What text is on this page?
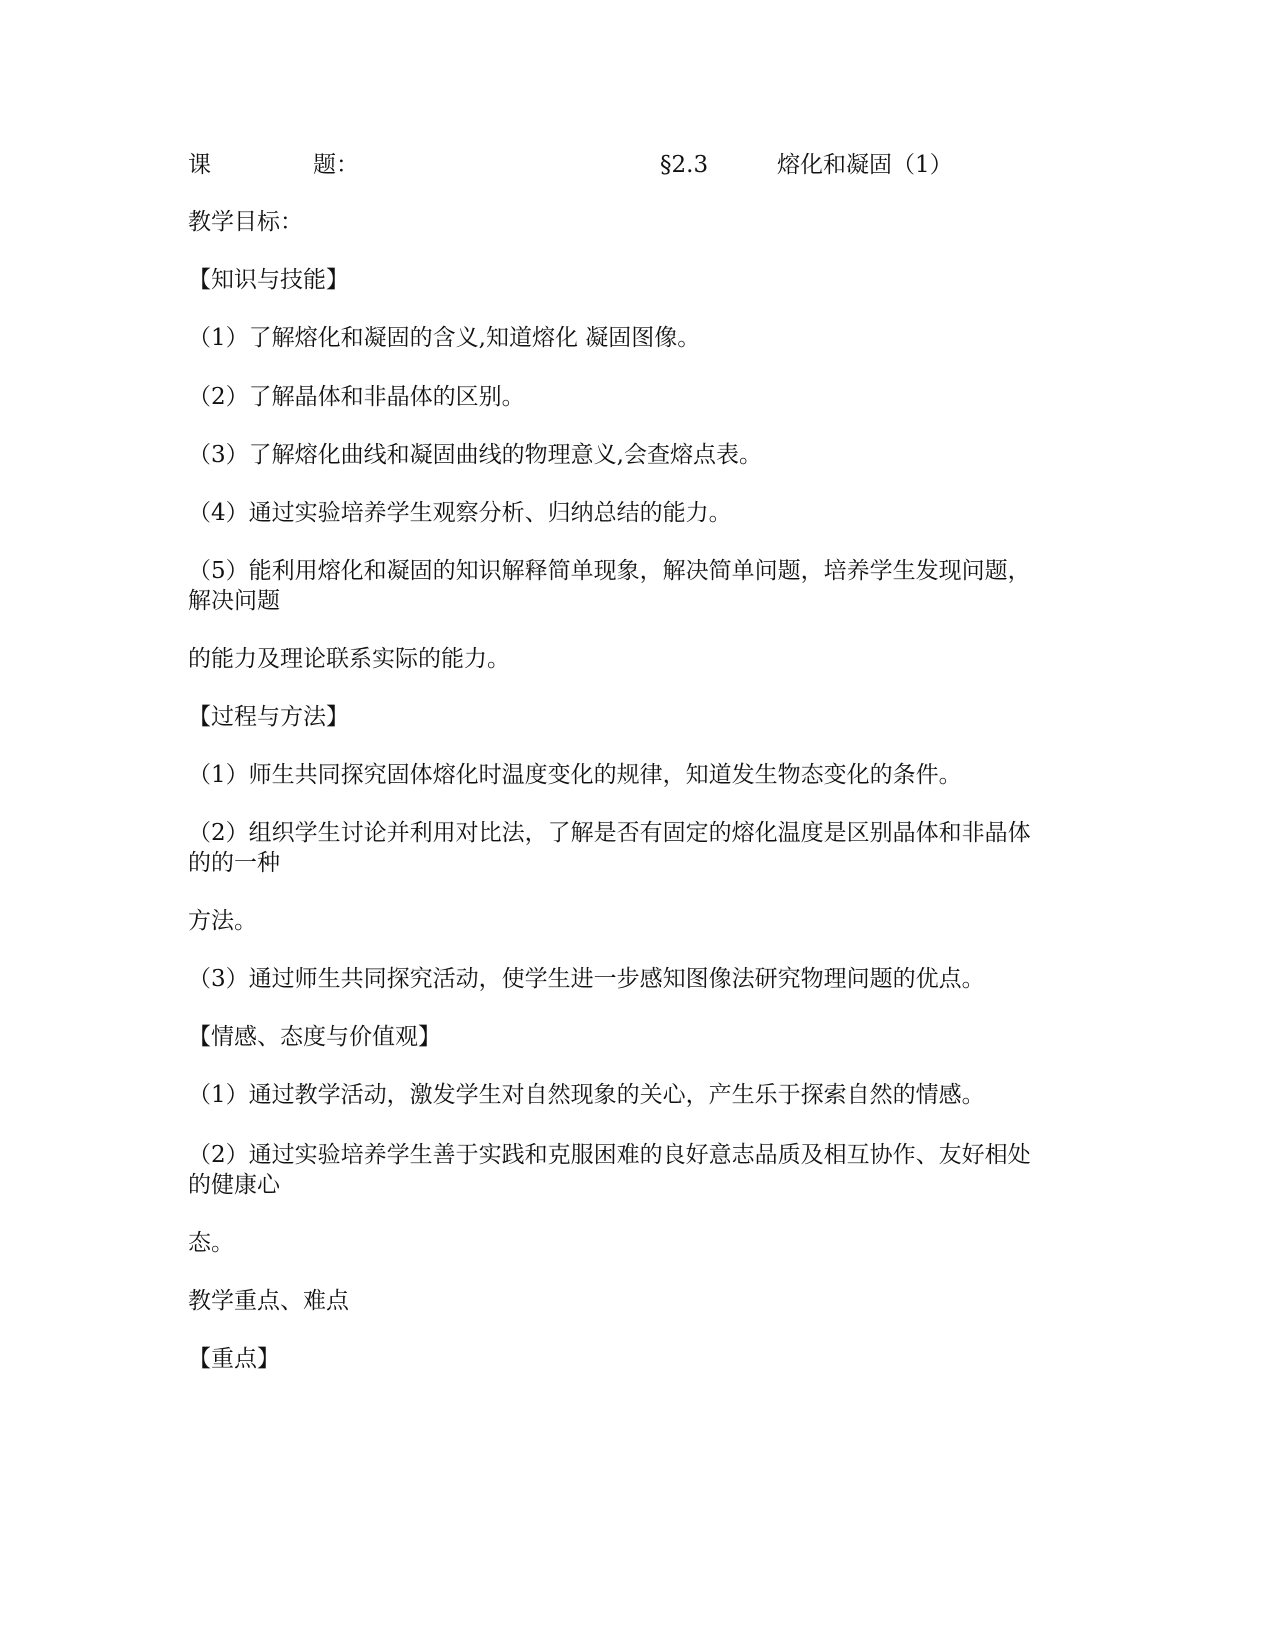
课	题：	§2.3	熔化和凝固（1）
教学目标：
【知识与技能】
（1）了解熔化和凝固的含义,知道熔化 凝固图像。
（2）了解晶体和非晶体的区别。
（3）了解熔化曲线和凝固曲线的物理意义,会查熔点表。
（4）通过实验培养学生观察分析、归纳总结的能力。
（5）能利用熔化和凝固的知识解释简单现象，解决简单问题，培养学生发现问题，
解决问题
的能力及理论联系实际的能力。
【过程与方法】
（1）师生共同探究固体熔化时温度变化的规律，知道发生物态变化的条件。
（2）组织学生讨论并利用对比法，了解是否有固定的熔化温度是区别晶体和非晶体
的的一种
方法。
（3）通过师生共同探究活动，使学生进一步感知图像法研究物理问题的优点。
【情感、态度与价值观】
（1）通过教学活动，激发学生对自然现象的关心，产生乐于探索自然的情感。
（2）通过实验培养学生善于实践和克服困难的良好意志品质及相互协作、友好相处
的健康心
态。
教学重点、难点
【重点】
